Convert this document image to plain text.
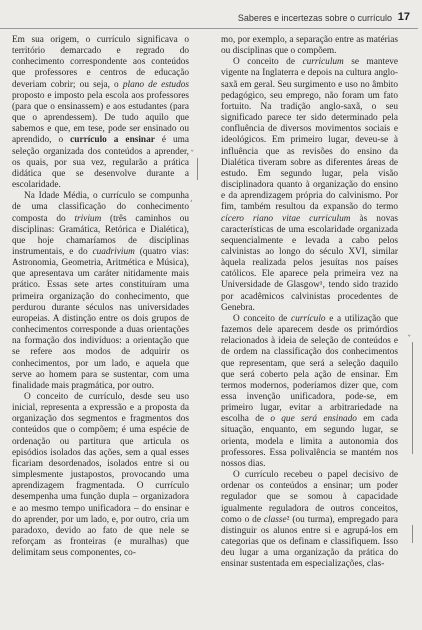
Saberes e incertezas sobre o currículo 17

Em sua origem, o currículo significava o território demarcado e regrado do conhecimento correspondente aos conteúdos que professores e centros de educação deveriam cobrir; ou seja, o plano de estudos proposto e imposto pela escola aos professores (para que o ensinassem) e aos estudantes (para que o aprendessem). De tudo aquilo que sabemos e que, em tese, pode ser ensinado ou aprendido, o currículo a ensinar é uma seleção organizada dos conteúdos a aprender, os quais, por sua vez, regularão a prática didática que se desenvolve durante a escolaridade.

Na Idade Média, o currículo se compunha de uma classificação do conhecimento composta do trivium (três caminhos ou disciplinas: Gramática, Retórica e Dialética), que hoje chamaríamos de disciplinas instrumentais, e do cuadrivium (quatro vias: Astronomia, Geometria, Aritmética e Música), que apresentava um caráter nitidamente mais prático. Essas sete artes constituíram uma primeira organização do conhecimento, que perdurou durante séculos nas universidades europeias. A distinção entre os dois grupos de conhecimentos corresponde a duas orientações na formação dos indivíduos: a orientação que se refere aos modos de adquirir os conhecimentos, por um lado, e aquela que serve ao homem para se sustentar, com uma finalidade mais pragmática, por outro.

O conceito de currículo, desde seu uso inicial, representa a expressão e a proposta da organização dos segmentos e fragmentos dos conteúdos que o compõem; é uma espécie de ordenação ou partitura que articula os episódios isolados das ações, sem a qual esses ficariam desordenados, isolados entre si ou simplesmente justapostos, provocando uma aprendizagem fragmentada. O currículo desempenha uma função dupla – organizadora e ao mesmo tempo unificadora – do ensinar e do aprender, por um lado, e, por outro, cria um paradoxo, devido ao fato de que nele se reforçam as fronteiras (e muralhas) que delimitam seus componentes, co-

mo, por exemplo, a separação entre as matérias ou disciplinas que o compõem.

O conceito de curriculum se manteve vigente na Inglaterra e depois na cultura anglo-saxã em geral. Seu surgimento e uso no âmbito pedagógico, seu emprego, não foram um fato fortuito. Na tradição anglo-saxã, o seu significado parece ter sido determinado pela confluência de diversos movimentos sociais e ideológicos. Em primeiro lugar, deveu-se à influência que as revisões do ensino da Dialética tiveram sobre as diferentes áreas de estudo. Em segundo lugar, pela visão disciplinadora quanto à organização do ensino e da aprendizagem própria do calvinismo. Por fim, também resultou da expansão do termo cícero riano vitae curriculum às novas características de uma escolaridade organizada sequencialmente e levada a cabo pelos calvinistas ao longo do século XVI, similar àquela realizada pelos jesuítas nos países católicos. Ele aparece pela primeira vez na Universidade de Glasgow¹, tendo sido trazido por acadêmicos calvinistas procedentes de Genebra.

O conceito de currículo e a utilização que fazemos dele aparecem desde os primórdios relacionados à ideia de seleção de conteúdos e de ordem na classificação dos conhecimentos que representam, que será a seleção daquilo que será coberto pela ação de ensinar. Em termos modernos, poderíamos dizer que, com essa invenção unificadora, pode-se, em primeiro lugar, evitar a arbitrariedade na escolha de o que será ensinado em cada situação, enquanto, em segundo lugar, se orienta, modela e limita a autonomia dos professores. Essa polivalência se mantém nos nossos dias.

O currículo recebeu o papel decisivo de ordenar os conteúdos a ensinar; um poder regulador que se somou à capacidade igualmente reguladora de outros conceitos, como o de classe² (ou turma), empregado para distinguir os alunos entre si e agrupá-los em categorias que os definam e classifiquem. Isso deu lugar a uma organização da prática do ensinar sustentada em especializações, clas-

ˇ
ʹ
ˇ
